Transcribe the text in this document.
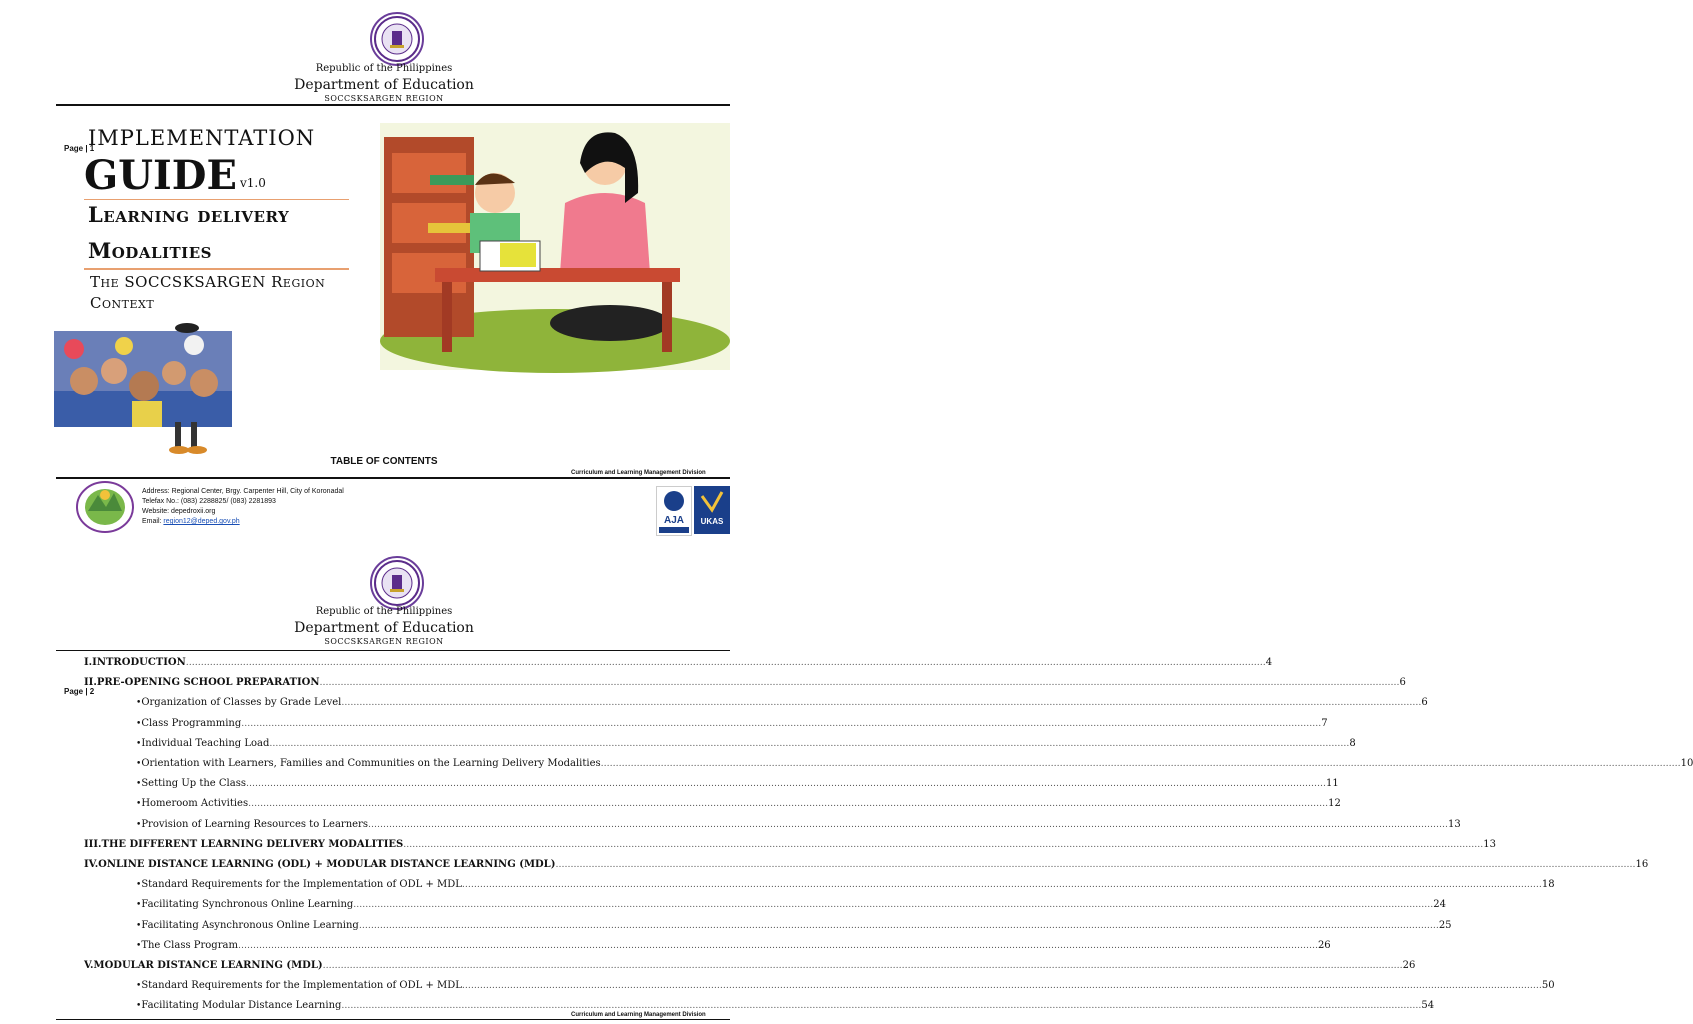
Republic of the Philippines
Department of Education
SOCCSKSARGEN REGION
Page | 1
IMPLEMENTATION
GUIDE v1.0
Learning delivery
Modalities
The SOCCSKSARGEN Region
Context
TABLE OF CONTENTS
Curriculum and Learning Management Division
Address: Regional Center, Brgy. Carpenter Hill, City of Koronadal
Telefax No.: (083) 2288825/ (083) 2281893
Website: depedroxii.org
Email: region12@deped.gov.ph	AJA UKAS
Republic of the Philippines
Department of Education
SOCCSKSARGEN REGION
Page | 2
I. INTRODUCTION ……………………………………………………………………………………………………………………………………………………………………………………………………………………………………………………………………………………………………………………………… 4
II. PRE-OPENING SCHOOL PREPARATION ……………………………………………………………………………………………………………………………………………………………………………………………………………………………………………………………………………………………………………………………… 6
• Organization of Classes by Grade Level ……………………………………………………………………………………………………………………………………………………………………………………………………………………………………………………………………………………………………………………………… 6
• Class Programming ……………………………………………………………………………………………………………………………………………………………………………………………………………………………………………………………………………………………………………………………… 7
• Individual Teaching Load ……………………………………………………………………………………………………………………………………………………………………………………………………………………………………………………………………………………………………………………………… 8
• Orientation with Learners, Families and Communities on the Learning Delivery Modalities ……………………………………………………………………………………………………………………………………………………………………………………………………………………………………………………………………………………………………………………………… 10
• Setting Up the Class ……………………………………………………………………………………………………………………………………………………………………………………………………………………………………………………………………………………………………………………………… 11
• Homeroom Activities ……………………………………………………………………………………………………………………………………………………………………………………………………………………………………………………………………………………………………………………………… 12
• Provision of Learning Resources to Learners ……………………………………………………………………………………………………………………………………………………………………………………………………………………………………………………………………………………………………………………………… 13
III. THE DIFFERENT LEARNING DELIVERY MODALITIES ……………………………………………………………………………………………………………………………………………………………………………………………………………………………………………………………………………………………………………………………… 13
IV. ONLINE DISTANCE LEARNING (ODL) + MODULAR DISTANCE LEARNING (MDL) ……………………………………………………………………………………………………………………………………………………………………………………………………………………………………………………………………………………………………………………………… 16
• Standard Requirements for the Implementation of ODL + MDL ……………………………………………………………………………………………………………………………………………………………………………………………………………………………………………………………………………………………………………………………… 18
• Facilitating Synchronous Online Learning ……………………………………………………………………………………………………………………………………………………………………………………………………………………………………………………………………………………………………………………………… 24
• Facilitating Asynchronous Online Learning ……………………………………………………………………………………………………………………………………………………………………………………………………………………………………………………………………………………………………………………………… 25
• The Class Program ……………………………………………………………………………………………………………………………………………………………………………………………………………………………………………………………………………………………………………………………… 26
V. MODULAR DISTANCE LEARNING (MDL) ……………………………………………………………………………………………………………………………………………………………………………………………………………………………………………………………………………………………………………………………… 26
• Standard Requirements for the Implementation of ODL + MDL ……………………………………………………………………………………………………………………………………………………………………………………………………………………………………………………………………………………………………………………………… 50
• Facilitating Modular Distance Learning ……………………………………………………………………………………………………………………………………………………………………………………………………………………………………………………………………………………………………………………………… 54
Curriculum and Learning Management Division
